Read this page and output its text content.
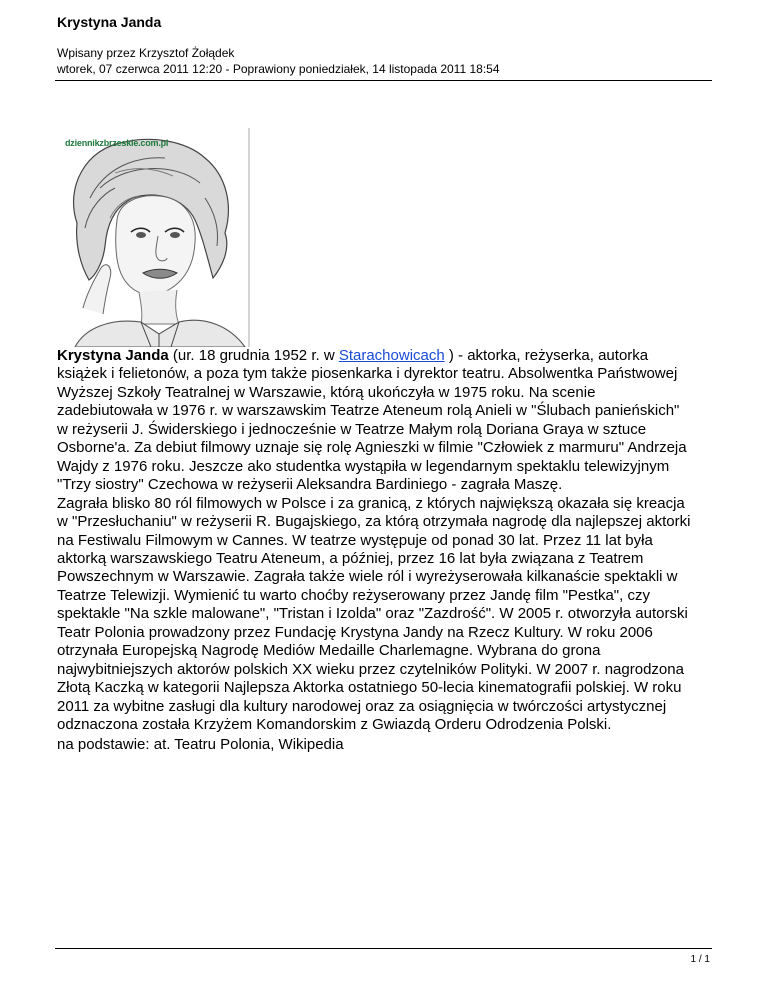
Krystyna Janda
Wpisany przez Krzysztof Żołądek
wtorek, 07 czerwca 2011 12:20 - Poprawiony poniedziałek, 14 listopada 2011 18:54
dziennikzbrzeskie.com.pl
Krystyna Janda (ur. 18 grudnia 1952 r. w Starachowicach ) - aktorka, reżyserka, autorka
książek i felietonów, a poza tym także piosenkarka i dyrektor teatru. Absolwentka Państwowej
Wyższej Szkoły Teatralnej w Warszawie, którą ukończyła w 1975 roku. Na scenie
zadebiutowała w 1976 r. w warszawskim Teatrze Ateneum rolą Anieli w "Ślubach panieńskich"
w reżyserii J. Świderskiego i jednocześnie w Teatrze Małym rolą Doriana Graya w sztuce
Osborne'a. Za debiut filmowy uznaje się rolę Agnieszki w filmie "Człowiek z marmuru" Andrzeja
Wajdy z 1976 roku. Jeszcze ako studentka wystąpiła w legendarnym spektaklu telewizyjnym
"Trzy siostry" Czechowa w reżyserii Aleksandra Bardiniego - zagrała Maszę.
Zagrała blisko 80 ról filmowych w Polsce i za granicą, z których największą okazała się kreacja
w "Przesłuchaniu" w reżyserii R. Bugajskiego, za którą otrzymała nagrodę dla najlepszej aktorki
na Festiwalu Filmowym w Cannes. W teatrze występuje od ponad 30 lat. Przez 11 lat była
aktorką warszawskiego Teatru Ateneum, a później, przez 16 lat była związana z Teatrem
Powszechnym w Warszawie. Zagrała także wiele ról i wyreżyserowała kilkanaście spektakli w
Teatrze Telewizji. Wymienić tu warto choćby reżyserowany przez Jandę film "Pestka", czy
spektakle "Na szkle malowane", "Tristan i Izolda" oraz "Zazdrość". W 2005 r. otworzyła autorski
Teatr Polonia prowadzony przez Fundację Krystyna Jandy na Rzecz Kultury. W roku 2006
otrzynała Europejską Nagrodę Mediów Medaille Charlemagne. Wybrana do grona
najwybitniejszych aktorów polskich XX wieku przez czytelników Polityki. W 2007 r. nagrodzona
Złotą Kaczką w kategorii Najlepsza Aktorka ostatniego 50-lecia kinematografii polskiej. W roku
2011 za wybitne zasługi dla kultury narodowej oraz za osiągnięcia w twórczości artystycznej
odznaczona została Krzyżem Komandorskim z Gwiazdą Orderu Odrodzenia Polski.
na podstawie: at. Teatru Polonia, Wikipedia
1 / 1
